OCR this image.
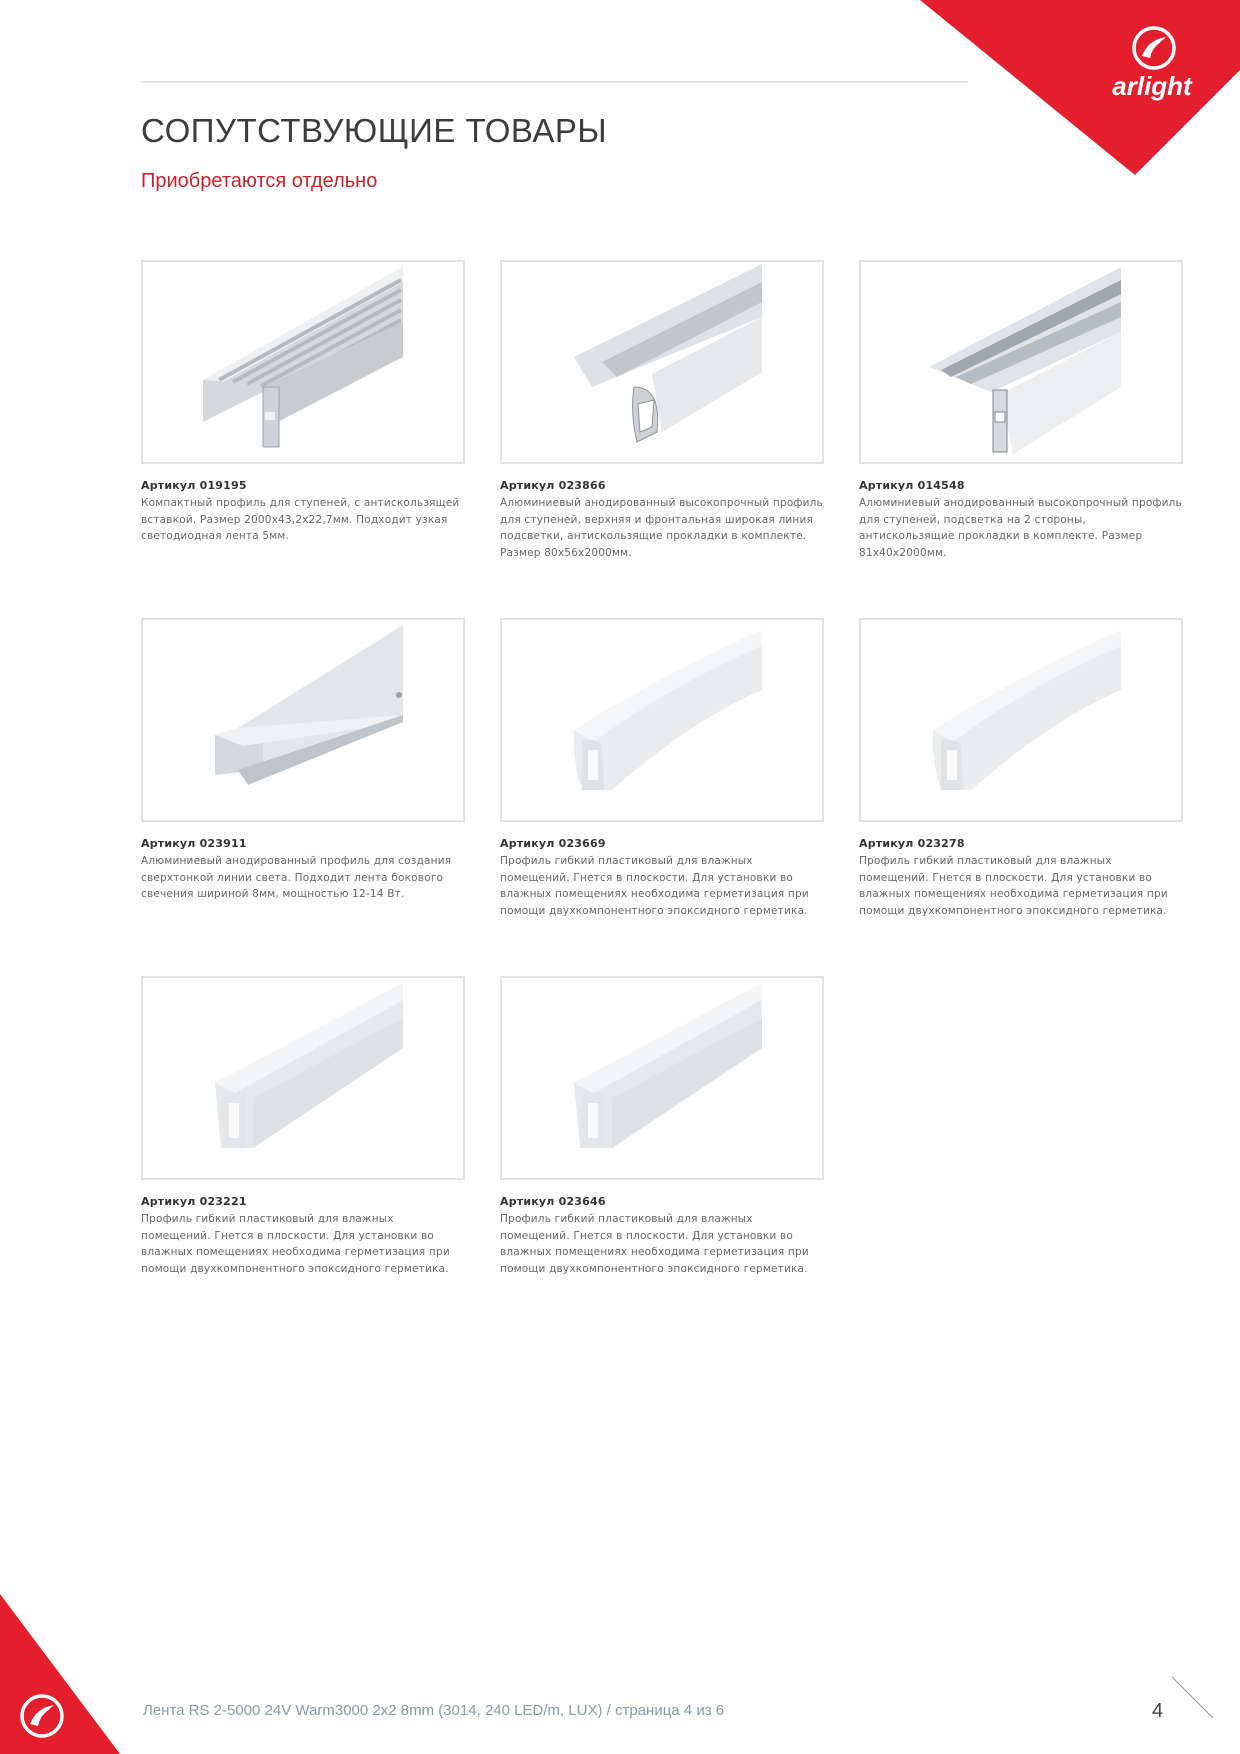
arlight
СОПУТСТВУЮЩИЕ ТОВАРЫ

Приобретаются отдельно

Артикул 019195

Компактный профиль для ступеней, с антискользящей вставкой. Размер 2000x43,2x22,7мм. Подходит узкая светодиодная лента 5мм.

Артикул 023866

Алюминиевый анодированный высокопрочный профиль для ступеней, верхняя и фронтальная широкая линия подсветки, антискользящие прокладки в комплекте. Размер 80x56x2000мм.

Артикул 014548

Алюминиевый анодированный высокопрочный профиль для ступеней, подсветка на 2 стороны, антискользящие прокладки в комплекте. Размер 81x40x2000мм.

Артикул 023911

Алюминиевый анодированный профиль для создания сверхтонкой линии света. Подходит лента бокового свечения шириной 8мм, мощностью 12-14 Вт.

Артикул 023669

Профиль гибкий пластиковый для влажных помещений. Гнется в плоскости. Для установки во влажных помещениях необходима герметизация при помощи двухкомпонентного эпоксидного герметика.

Артикул 023278

Профиль гибкий пластиковый для влажных помещений. Гнется в плоскости. Для установки во влажных помещениях необходима герметизация при помощи двухкомпонентного эпоксидного герметика.

Артикул 023221

Профиль гибкий пластиковый для влажных помещений. Гнется в плоскости. Для установки во влажных помещениях необходима герметизация при помощи двухкомпонентного эпоксидного герметика.

Артикул 023646

Профиль гибкий пластиковый для влажных помещений. Гнется в плоскости. Для установки во влажных помещениях необходима герметизация при помощи двухкомпонентного эпоксидного герметика.

Лента RS 2-5000 24V Warm3000 2x2 8mm (3014, 240 LED/m, LUX) / страница 4 из 6	4
